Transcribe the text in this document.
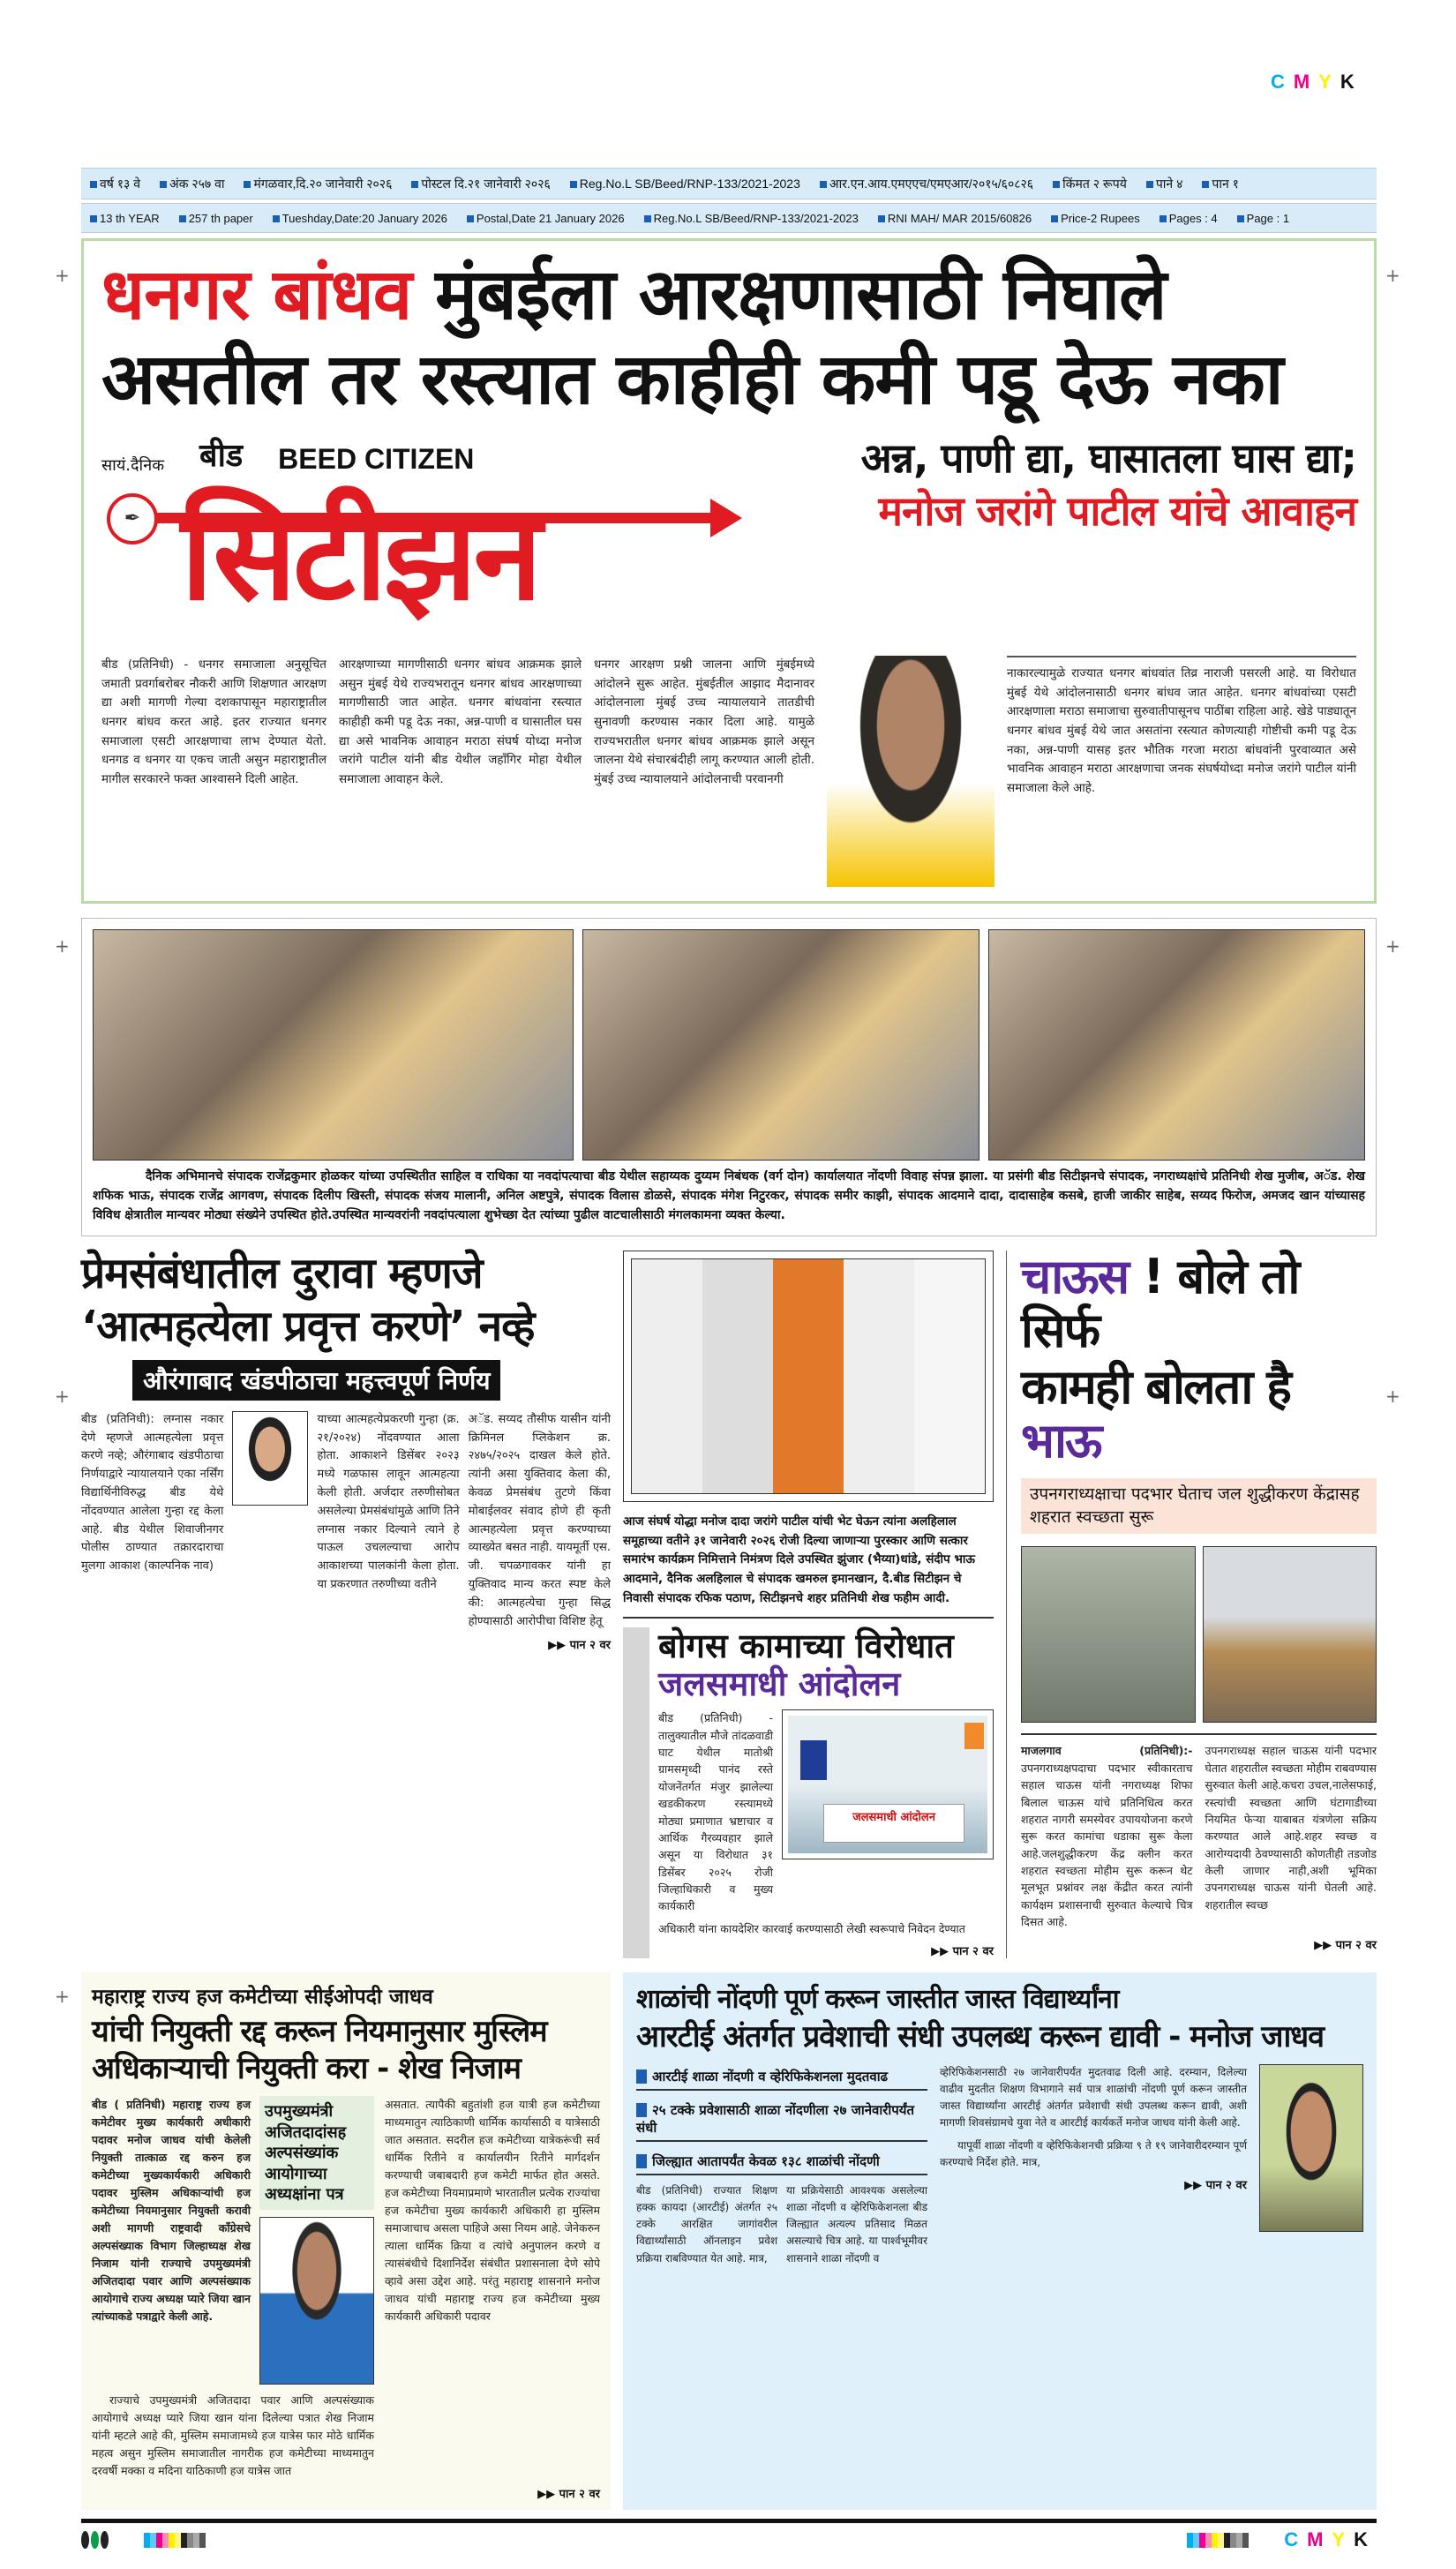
CMYK
+
+
+
+
+
+
+
वर्ष १३ वे	अंक २५७ वा	मंगळवार,दि.२० जानेवारी २०२६	पोस्टल दि.२१ जानेवारी २०२६	Reg.No.L SB/Beed/RNP-133/2021-2023	आर.एन.आय.एमएएच/एमएआर/२०१५/६०८२६	किंमत २ रूपये	पाने ४	पान १
13 th YEAR	257 th paper	Tueshday,Date:20 January 2026	Postal,Date 21 January 2026	Reg.No.L SB/Beed/RNP-133/2021-2023	RNI MAH/ MAR 2015/60826	Price-2 Rupees	Pages : 4	Page : 1
धनगर बांधव मुंबईला आरक्षणासाठी निघाले
असतील तर रस्त्यात काहीही कमी पडू देऊ नका
सायं.दैनिक बीड BEED CITIZEN
✒ सिटीझन
अन्न, पाणी द्या, घासातला घास द्या; मनोज जरांगे पाटील यांचे आवाहन
बीड (प्रतिनिधी) - धनगर समाजाला अनुसूचित जमाती प्रवर्गाबरोबर नौकरी आणि शिक्षणात आरक्षण द्या अशी मागणी गेल्या दशकापासून महाराष्ट्रातील धनगर बांधव करत आहे. इतर राज्यात धनगर समाजाला एसटी आरक्षणाचा लाभ देण्यात येतो. धनगड व धनगर या एकच जाती असुन महाराष्ट्रातील मागील सरकारने फक्त आश्वासने दिली आहेत.
आरक्षणाच्या मागणीसाठी धनगर बांधव आक्रमक झाले असुन मुंबई येथे राज्यभरातून धनगर बांधव आरक्षणाच्या मागणीसाठी जात आहेत. धनगर बांधवांना रस्त्यात काहीही कमी पडू देऊ नका, अन्न-पाणी व घासातील घस द्या असे भावनिक आवाहन मराठा संघर्ष योध्दा मनोज जरांगे पाटील यांनी बीड येथील जहाँगिर मोहा येथील समाजाला आवाहन केले.
धनगर आरक्षण प्रश्नी जालना आणि मुंबईमध्ये आंदोलने सुरू आहेत. मुंबईतील आझाद मैदानावर आंदोलनाला मुंबई उच्च न्यायालयाने तातडीची सुनावणी करण्यास नकार दिला आहे. यामुळे राज्यभरातील धनगर बांधव आक्रमक झाले असून जालना येथे संचारबंदीही लागू करण्यात आली होती. मुंबई उच्च न्यायालयाने आंदोलनाची परवानगी
नाकारल्यामुळे राज्यात धनगर बांधवांत तिव्र नाराजी पसरली आहे. या विरोधात मुंबई येथे आंदोलनासाठी धनगर बांधव जात आहेत. धनगर बांधवांच्या एसटी आरक्षणाला मराठा समाजाचा सुरुवातीपासूनच पाठींबा राहिला आहे. खेडे पाड्यातून धनगर बांधव मुंबई येथे जात असतांना रस्त्यात कोणत्याही गोष्टीची कमी पडू देऊ नका, अन्न-पाणी यासह इतर भौतिक गरजा मराठा बांधवांनी पुरवाव्यात असे भावनिक आवाहन मराठा आरक्षणाचा जनक संघर्षयोध्दा मनोज जरांगे पाटील यांनी समाजाला केले आहे.
दैनिक अभिमानचे संपादक राजेंद्रकुमार होळकर यांच्या उपस्थितीत साहिल व राधिका या नवदांपत्याचा बीड येथील सहाय्यक दुय्यम निबंधक (वर्ग दोन) कार्यालयात नोंदणी विवाह संपन्न झाला. या प्रसंगी बीड सिटीझनचे संपादक, नगराध्यक्षांचे प्रतिनिधी शेख मुजीब, अॅड. शेख शफिक भाऊ, संपादक राजेंद्र आगवण, संपादक दिलीप खिस्ती, संपादक संजय मालानी, अनिल अष्टपुत्रे, संपादक विलास डोळसे, संपादक मंगेश निटुरकर, संपादक समीर काझी, संपादक आदमाने दादा, दादासाहेब कसबे, हाजी जाकीर साहेब, सय्यद फिरोज, अमजद खान यांच्यासह विविध क्षेत्रातील मान्यवर मोठ्या संख्येने उपस्थित होते.उपस्थित मान्यवरांनी नवदांपत्याला शुभेच्छा देत त्यांच्या पुढील वाटचालीसाठी मंगलकामना व्यक्त केल्या.
प्रेमसंबंधातील दुरावा म्हणजे
‘आत्महत्येला प्रवृत्त करणे’ नव्हे
औरंगाबाद खंडपीठाचा महत्त्वपूर्ण निर्णय
बीड (प्रतिनिधी): लग्नास नकार देणे म्हणजे आत्महत्येला प्रवृत्त करणे नव्हे; औरंगाबाद खंडपीठाचा निर्णयाद्वारे न्यायालयाने एका नर्सिंग विद्यार्थिनीविरुद्ध बीड येथे नोंदवण्यात आलेला गुन्हा रद्द केला आहे. बीड येथील शिवाजीनगर पोलीस ठाण्यात तक्रारदाराचा मुलगा आकाश (काल्पनिक नाव)
याच्या आत्महत्येप्रकरणी गुन्हा (क्र. २१/२०२४) नोंदवण्यात आला होता. आकाशने डिसेंबर २०२३ मध्ये गळफास लावून आत्महत्या केली होती. अर्जदार तरुणीसोबत असलेल्या प्रेमसंबंधांमुळे आणि तिने लग्नास नकार दिल्याने त्याने हे पाऊल उचलल्याचा आरोप आकाशच्या पालकांनी केला होता. या प्रकरणात तरुणीच्या वतीने
अॅड. सय्यद तौसीफ यासीन यांनी क्रिमिनल प्लिकेशन क्र. २४७५/२०२५ दाखल केले होते. त्यांनी असा युक्तिवाद केला की, केवळ प्रेमसंबंध तुटणे किंवा मोबाईलवर संवाद होणे ही कृती आत्महत्येला प्रवृत्त करण्याच्या व्याख्येत बसत नाही. यायमूर्ती एस. जी. चपळगावकर यांनी हा युक्तिवाद मान्य करत स्पष्ट केले की: आत्महत्येचा गुन्हा सिद्ध होण्यासाठी आरोपीचा विशिष्ट हेतू
▶▶ पान २ वर
आज संघर्ष योद्धा मनोज दादा जरांगे पाटील यांची भेट घेऊन त्यांना अलहिलाल समूहाच्या वतीने ३१ जानेवारी २०२६ रोजी दिल्या जाणाऱ्या पुरस्कार आणि सत्कार समारंभ कार्यक्रम निमित्ताने निमंत्रण दिले उपस्थित झुंजार (भैय्या)धांडे, संदीप भाऊ आदमाने, दैनिक अलहिलाल चे संपादक खमरुल इमानखान, दै.बीड सिटीझन चे निवासी संपादक रफिक पठाण, सिटीझनचे शहर प्रतिनिधी शेख फहीम आदी.
बोगस कामाच्या विरोधात
जलसमाधी आंदोलन
बीड (प्रतिनिधी) - तालुक्यातील मौजे तांदळवाडी घाट येथील मातोश्री ग्रामसमृध्दी पानंद रस्ते योजनेंतर्गत मंजुर झालेल्या खडकीकरण रस्त्यामध्ये मोठ्या प्रमाणात भ्रष्टाचार व आर्थिक गैरव्यवहार झाले असून या विरोधात ३१ डिसेंबर २०२५ रोजी जिल्हाधिकारी व मुख्य कार्यकारी
जलसमाधी आंदोलन
अधिकारी यांना कायदेशिर कारवाई करण्यासाठी लेखी स्वरूपाचे निवेदन देण्यात
▶▶ पान २ वर
चाऊस ! बोले तो सिर्फ
कामही बोलता है भाऊ
उपनगराध्यक्षाचा पदभार घेताच जल शुद्धीकरण केंद्रासह शहरात स्वच्छता सुरू
माजलगाव (प्रतिनिधी):- उपनगराध्यक्षपदाचा पदभार स्वीकारताच सहाल चाऊस यांनी नगराध्यक्ष शिफा बिलाल चाऊस यांचे प्रतिनिधित्व करत शहरात नागरी समस्येवर उपाययोजना करणे सुरू करत कामांचा धडाका सुरू केला आहे.जलशुद्धीकरण केंद्र क्लीन करत शहरात स्वच्छता मोहीम सुरू करून थेट मूलभूत प्रश्नांवर लक्ष केंद्रीत करत त्यांनी कार्यक्षम प्रशासनाची सुरुवात केल्याचे चित्र दिसत आहे.
उपनगराध्यक्ष सहाल चाऊस यांनी पदभार घेतात शहरातील स्वच्छता मोहीम राबवण्यास सुरुवात केली आहे.कचरा उचल,नालेसफाई, रस्त्यांची स्वच्छता आणि घंटागाडीच्या नियमित फेऱ्या याबाबत यंत्रणेला सक्रिय करण्यात आले आहे.शहर स्वच्छ व आरोग्यदायी ठेवण्यासाठी कोणतीही तडजोड केली जाणार नाही,अशी भूमिका उपनगराध्यक्ष चाऊस यांनी घेतली आहे. शहरातील स्वच्छ
▶▶ पान २ वर
महाराष्ट्र राज्य हज कमेटीच्या सीईओपदी जाधव
यांची नियुक्ती रद्द करून नियमानुसार मुस्लिम
अधिकाऱ्याची नियुक्ती करा - शेख निजाम
बीड ( प्रतिनिधी) महाराष्ट्र राज्य हज कमेटीवर मुख्य कार्यकारी अधीकारी पदावर मनोज जाधव यांची केलेली नियुक्ती तात्काळ रद्द करुन हज कमेटीच्या मुख्यकार्यकारी अधिकारी पदावर मुस्लिम अधिकाऱ्यांची हज कमेटीच्या नियमानुसार नियुक्ती करावी अशी मागणी राष्ट्रवादी कॉंग्रेसचे अल्पसंख्याक विभाग जिल्हाध्यक्ष शेख निजाम यांनी राज्याचे उपमुख्यमंत्री अजितदादा पवार आणि अल्पसंख्याक आयोगाचे राज्य अध्यक्ष प्यारे जिया खान त्यांच्याकडे पत्राद्वारे केली आहे.
उपमुख्यमंत्री अजितदादांसह अल्पसंख्यांक आयोगाच्या अध्यक्षांना पत्र
राज्याचे उपमुख्यमंत्री अजितदादा पवार आणि अल्पसंख्याक आयोगाचे अध्यक्ष प्यारे जिया खान यांना दिलेल्या पत्रात शेख निजाम यांनी म्हटले आहे की, मुस्लिम समाजामध्ये हज यात्रेस फार मोठे धार्मिक महत्व असुन मुस्लिम समाजातील नागरीक हज कमेटीच्या माध्यमातुन दरवर्षी मक्का व मदिना याठिकाणी हज यात्रेस जात
असतात. त्यापैकी बहुतांशी हज यात्री हज कमेटीच्या माध्यमातुन त्याठिकाणी धार्मिक कार्यासाठी व यात्रेसाठी जात असतात. सदरील हज कमेटीच्या यात्रेकरूंची सर्व धार्मिक रितीने व कार्यालयीन रितीने मार्गदर्शन करण्याची जबाबदारी हज कमेटी मार्फत होत असते. हज कमेटीच्या नियमाप्रमाणे भारतातील प्रत्येक राज्यांचा हज कमेटीचा मुख्य कार्यकारी अधिकारी हा मुस्लिम समाजाचाच असला पाहिजे असा नियम आहे. जेनेकरुन त्याला धार्मिक क्रिया व त्यांचे अनुपालन करणे व त्यासंबंधीचे दिशानिर्देश संबंधीत प्रशासनाला देणे सोपे व्हावे असा उद्देश आहे. परंतु महाराष्ट्र शासनाने मनोज जाधव यांची महाराष्ट्र राज्य हज कमेटीच्या मुख्य कार्यकारी अधिकारी पदावर
▶▶ पान २ वर
शाळांची नोंदणी पूर्ण करून जास्तीत जास्त विद्यार्थ्यांना
आरटीई अंतर्गत प्रवेशाची संधी उपलब्ध करून द्यावी - मनोज जाधव
आरटीई शाळा नोंदणी व व्हेरिफिकेशनला मुदतवाढ
२५ टक्के प्रवेशासाठी शाळा नोंदणीला २७ जानेवारीपर्यंत संधी
जिल्ह्यात आतापर्यंत केवळ १३८ शाळांची नोंदणी
बीड (प्रतिनिधी) राज्यात शिक्षण हक्क कायदा (आरटीई) अंतर्गत २५ टक्के आरक्षित जागांवरील विद्यार्थ्यांसाठी ऑनलाइन प्रवेश प्रक्रिया राबविण्यात येत आहे. मात्र,
या प्रक्रियेसाठी आवश्यक असलेल्या शाळा नोंदणी व व्हेरिफिकेशनला बीड जिल्ह्यात अत्यल्प प्रतिसाद मिळत असल्याचे चित्र आहे. या पार्श्वभूमीवर शासनाने शाळा नोंदणी व
व्हेरिफिकेशनसाठी २७ जानेवारीपर्यंत मुदतवाढ दिली आहे. दरम्यान, दिलेल्या वाढीव मुदतीत शिक्षण विभागाने सर्व पात्र शाळांची नोंदणी पूर्ण करून जास्तीत जास्त विद्यार्थ्यांना आरटीई अंतर्गत प्रवेशाची संधी उपलब्ध करून द्यावी, अशी मागणी शिवसंग्रामचे युवा नेते व आरटीई कार्यकर्ते मनोज जाधव यांनी केली आहे.
यापूर्वी शाळा नोंदणी व व्हेरिफिकेशनची प्रक्रिया ९ ते १९ जानेवारीदरम्यान पूर्ण करण्याचे निर्देश होते. मात्र,
▶▶ पान २ वर
CMYK
